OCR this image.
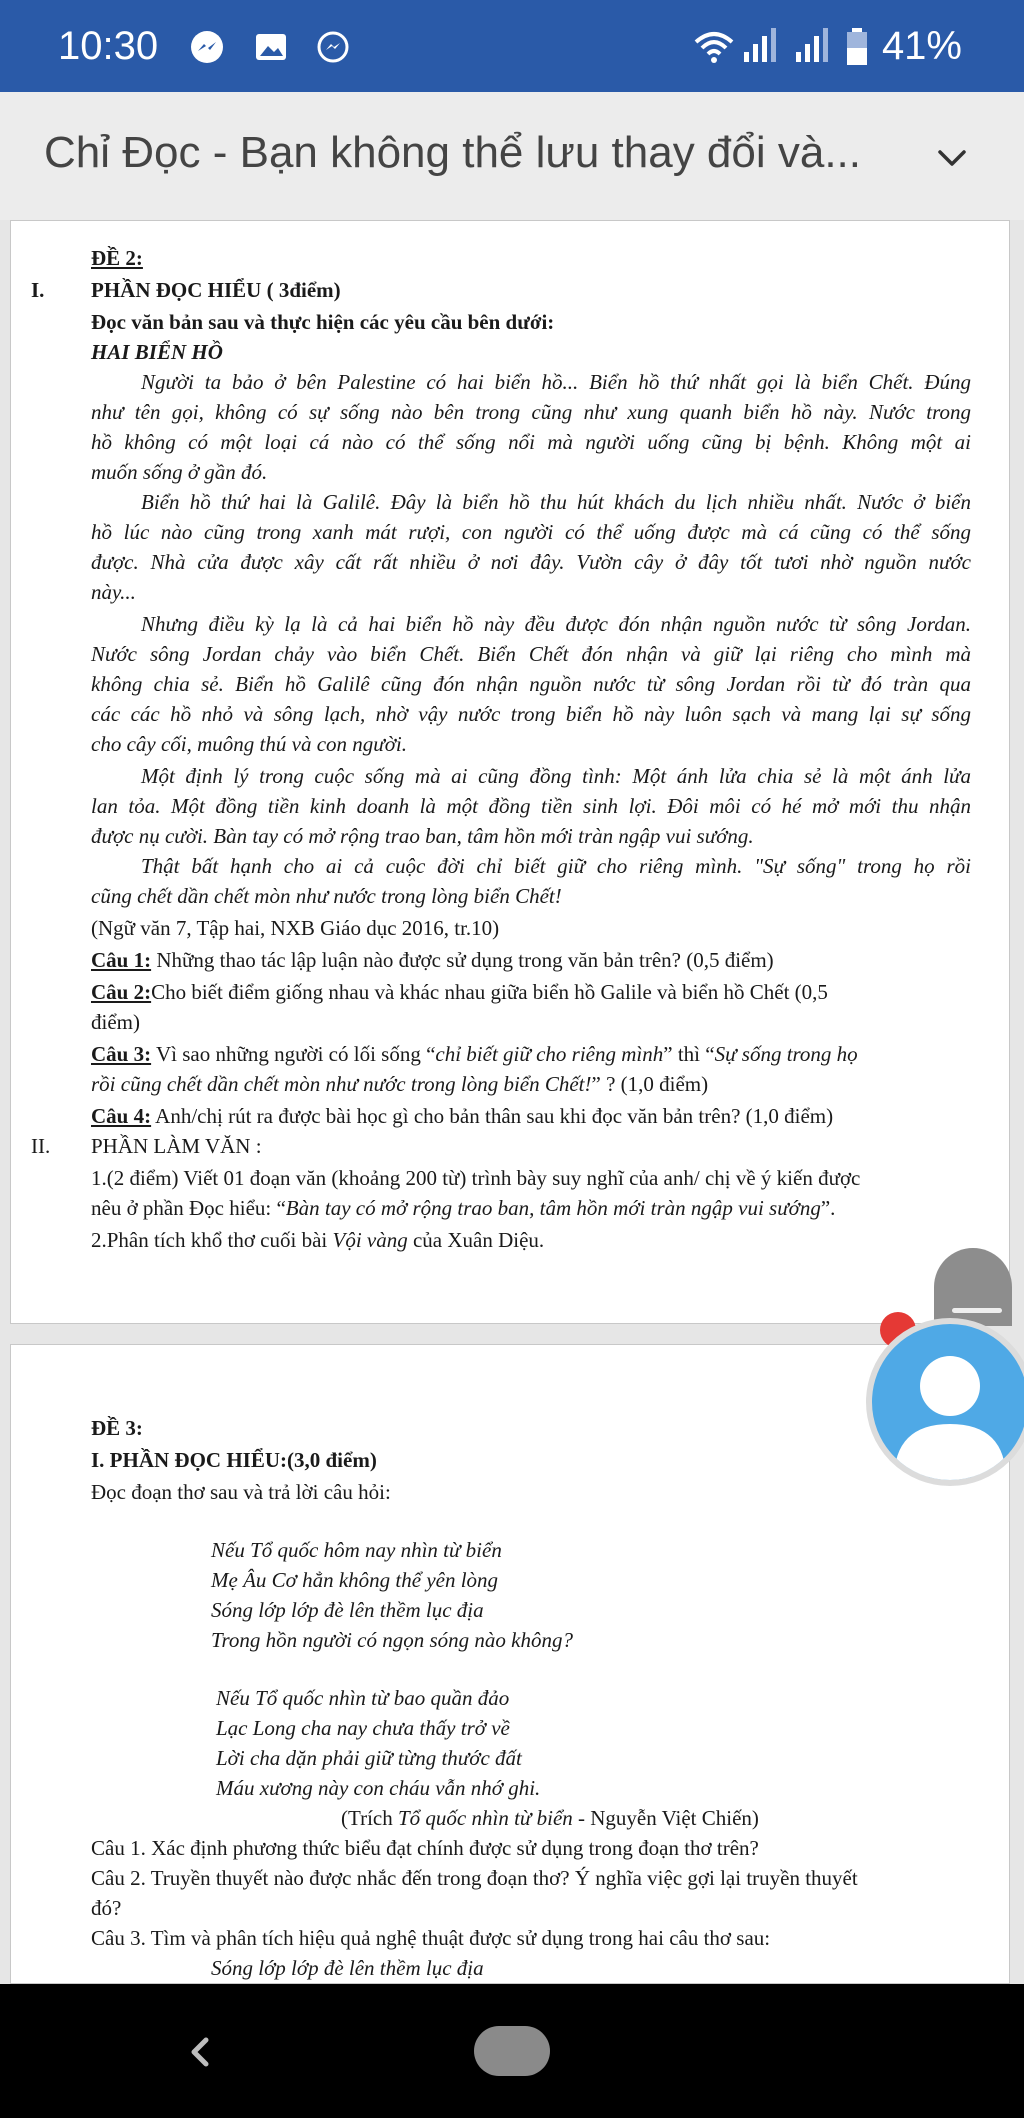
10:30	41%
Chỉ Đọc - Bạn không thể lưu thay đổi và...
ĐỀ 2:
I. PHẦN ĐỌC HIỂU ( 3điểm)
Đọc văn bản sau và thực hiện các yêu cầu bên dưới:
HAI BIỂN HỒ
Người ta bảo ở bên Palestine có hai biển hồ... Biển hồ thứ nhất gọi là biển Chết. Đúng
như tên gọi, không có sự sống nào bên trong cũng như xung quanh biển hồ này. Nước trong
hồ không có một loại cá nào có thể sống nổi mà người uống cũng bị bệnh. Không một ai
muốn sống ở gần đó.
Biển hồ thứ hai là Galilê. Đây là biển hồ thu hút khách du lịch nhiều nhất. Nước ở biển
hồ lúc nào cũng trong xanh mát rượi, con người có thể uống được mà cá cũng có thể sống
được. Nhà cửa được xây cất rất nhiều ở nơi đây. Vườn cây ở đây tốt tươi nhờ nguồn nước
này...
Nhưng điều kỳ lạ là cả hai biển hồ này đều được đón nhận nguồn nước từ sông Jordan.
Nước sông Jordan chảy vào biển Chết. Biển Chết đón nhận và giữ lại riêng cho mình mà
không chia sẻ. Biển hồ Galilê cũng đón nhận nguồn nước từ sông Jordan rồi từ đó tràn qua
các các hồ nhỏ và sông lạch, nhờ vậy nước trong biển hồ này luôn sạch và mang lại sự sống
cho cây cối, muông thú và con người.
Một định lý trong cuộc sống mà ai cũng đồng tình: Một ánh lửa chia sẻ là một ánh lửa
lan tỏa. Một đồng tiền kinh doanh là một đồng tiền sinh lợi. Đôi môi có hé mở mới thu nhận
được nụ cười. Bàn tay có mở rộng trao ban, tâm hồn mới tràn ngập vui sướng.
Thật bất hạnh cho ai cả cuộc đời chỉ biết giữ cho riêng mình. "Sự sống" trong họ rồi
cũng chết dần chết mòn như nước trong lòng biển Chết!
(Ngữ văn 7, Tập hai, NXB Giáo dục 2016, tr.10)
Câu 1: Những thao tác lập luận nào được sử dụng trong văn bản trên? (0,5 điểm)
Câu 2:Cho biết điểm giống nhau và khác nhau giữa biển hồ Galile và biển hồ Chết (0,5
điểm)
Câu 3: Vì sao những người có lối sống “chỉ biết giữ cho riêng mình” thì “Sự sống trong họ
rồi cũng chết dần chết mòn như nước trong lòng biển Chết!” ? (1,0 điểm)
Câu 4: Anh/chị rút ra được bài học gì cho bản thân sau khi đọc văn bản trên? (1,0 điểm)
II. PHẦN LÀM VĂN :
1.(2 điểm) Viết 01 đoạn văn (khoảng 200 từ) trình bày suy nghĩ của anh/ chị về ý kiến được
nêu ở phần Đọc hiểu: “Bàn tay có mở rộng trao ban, tâm hồn mới tràn ngập vui sướng”.
2.Phân tích khổ thơ cuối bài Vội vàng của Xuân Diệu.
ĐỀ 3:
I. PHẦN ĐỌC HIỂU:(3,0 điểm)
Đọc đoạn thơ sau và trả lời câu hỏi:
Nếu Tổ quốc hôm nay nhìn từ biển
Mẹ Âu Cơ hẳn không thể yên lòng
Sóng lớp lớp đè lên thềm lục địa
Trong hồn người có ngọn sóng nào không?
Nếu Tổ quốc nhìn từ bao quần đảo
Lạc Long cha nay chưa thấy trở về
Lời cha dặn phải giữ từng thước đất
Máu xương này con cháu vẫn nhớ ghi.
(Trích Tổ quốc nhìn từ biển - Nguyễn Việt Chiến)
Câu 1. Xác định phương thức biểu đạt chính được sử dụng trong đoạn thơ trên?
Câu 2. Truyền thuyết nào được nhắc đến trong đoạn thơ? Ý nghĩa việc gợi lại truyền thuyết
đó?
Câu 3. Tìm và phân tích hiệu quả nghệ thuật được sử dụng trong hai câu thơ sau:
Sóng lớp lớp đè lên thềm lục địa
